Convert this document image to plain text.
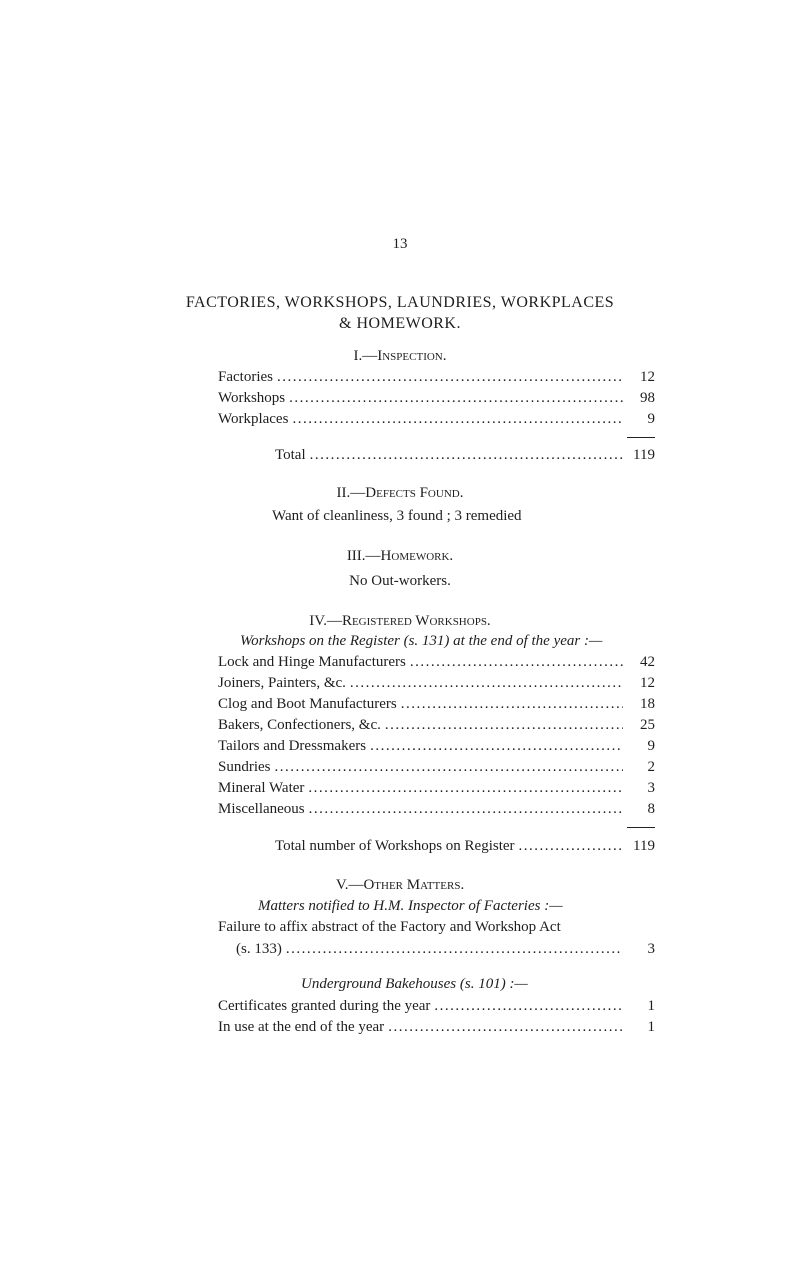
13
FACTORIES, WORKSHOPS, LAUNDRIES, WORKPLACES
& HOMEWORK.
I.—Inspection.
Factories .....	12
Workshops .....	98
Workplaces .....	9
Total .....	119
II.—Defects Found.
Want of cleanliness, 3 found ; 3 remedied
III.—Homework.
No Out-workers.
IV.—Registered Workshops.
Workshops on the Register (s. 131) at the end of the year :—
Lock and Hinge Manufacturers .....	42
Joiners, Painters, &c. .....	12
Clog and Boot Manufacturers .....	18
Bakers, Confectioners, &c. .....	25
Tailors and Dressmakers .....	9
Sundries .....	2
Mineral Water .....	3
Miscellaneous .....	8
Total number of Workshops on Register .....	119
V.—Other Matters.
Matters notified to H.M. Inspector of Facteries :—
Failure to affix abstract of the Factory and Workshop Act
(s. 133) .....	3
Underground Bakehouses (s. 101) :—
Certificates granted during the year .....	1
In use at the end of the year .....	1
